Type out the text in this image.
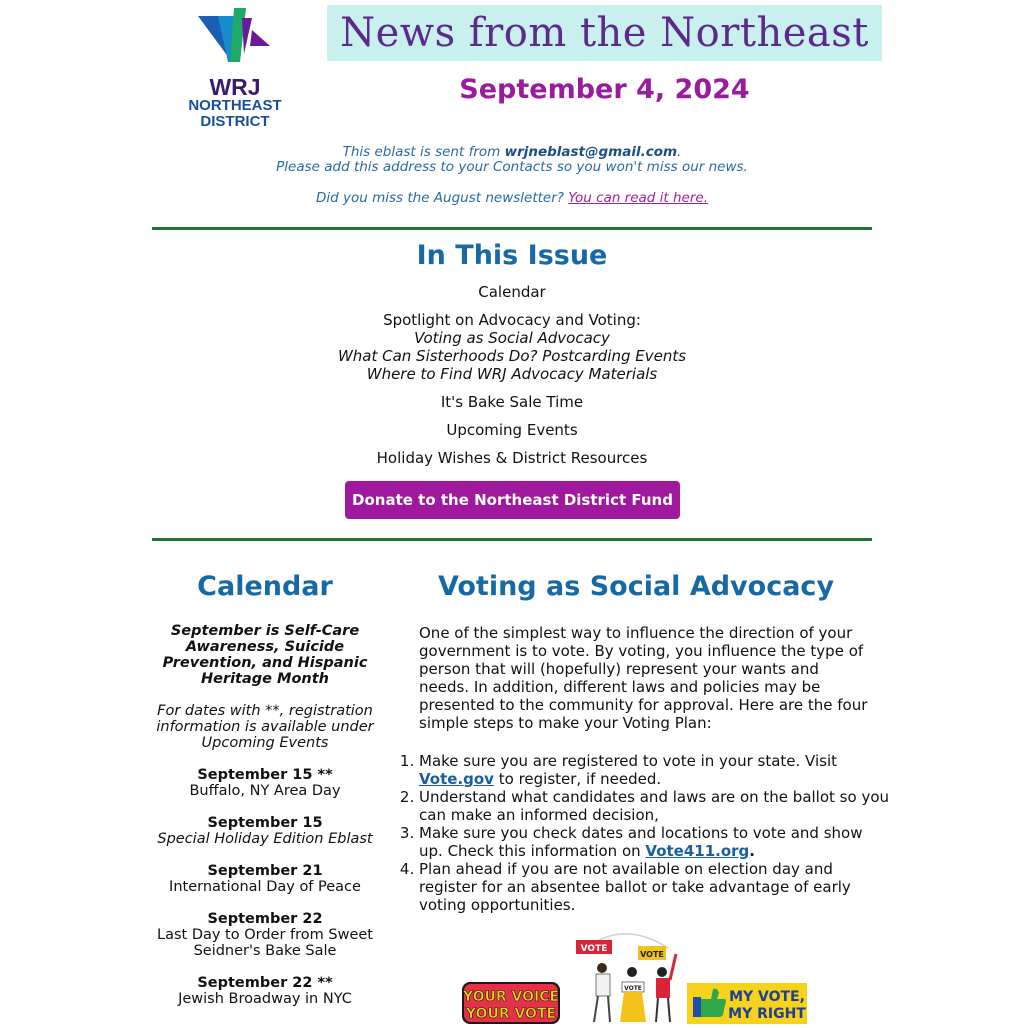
WRJ
NORTHEAST
DISTRICT
News from the Northeast
September 4, 2024
This eblast is sent from wrjneblast@gmail.com.
Please add this address to your Contacts so you won't miss our news.
Did you miss the August newsletter? You can read it here.
In This Issue
Calendar
Spotlight on Advocacy and Voting:
Voting as Social Advocacy
What Can Sisterhoods Do? Postcarding Events
Where to Find WRJ Advocacy Materials
It's Bake Sale Time
Upcoming Events
Holiday Wishes & District Resources
Donate to the Northeast District Fund
Calendar
September is Self-Care Awareness, Suicide Prevention, and Hispanic Heritage Month
For dates with **, registration information is available under Upcoming Events
September 15 **
Buffalo, NY Area Day
September 15
Special Holiday Edition Eblast
September 21
International Day of Peace
September 22
Last Day to Order from Sweet Seidner's Bake Sale
September 22 **
Jewish Broadway in NYC
Voting as Social Advocacy
One of the simplest way to influence the direction of your government is to vote. By voting, you influence the type of person that will (hopefully) represent your wants and needs. In addition, different laws and policies may be presented to the community for approval. Here are the four simple steps to make your Voting Plan:
1. Make sure you are registered to vote in your state. Visit Vote.gov to register, if needed.
2. Understand what candidates and laws are on the ballot so you can make an informed decision,
3. Make sure you check dates and locations to vote and show up. Check this information on Vote411.org.
4. Plan ahead if you are not available on election day and register for an absentee ballot or take advantage of early voting opportunities.
YOUR VOICE
YOUR VOTE
VOTE
VOTE
VOTE
MY VOTE,
MY RIGHT
